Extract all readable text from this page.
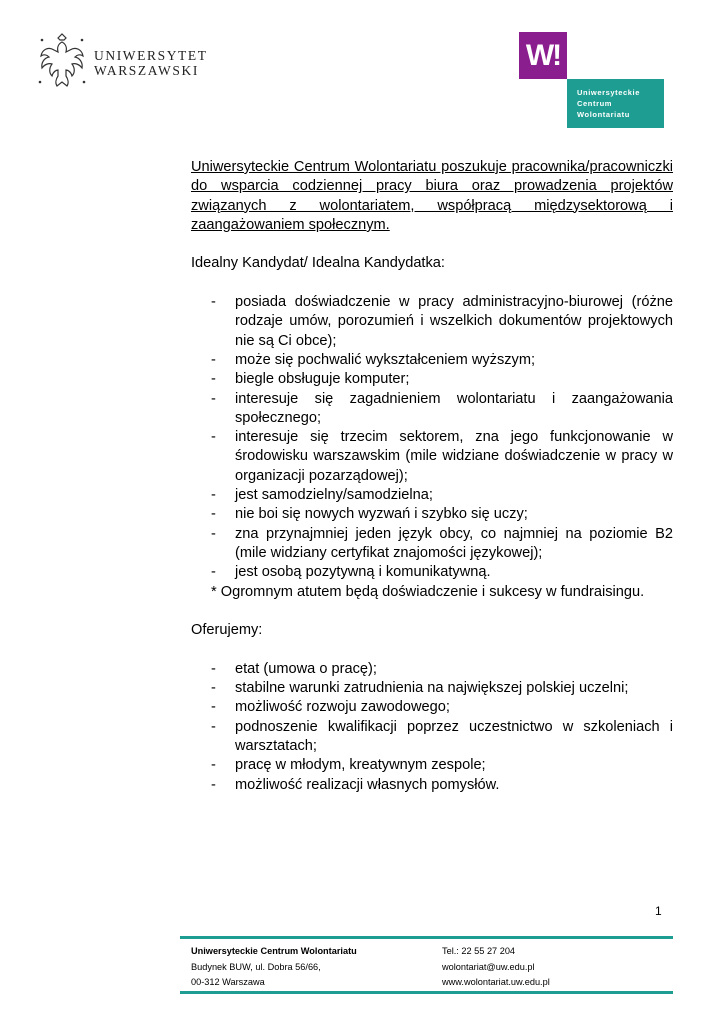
UNIWERSYTET
WARSZAWSKI	W!
Uniwersyteckie
Centrum
Wolontariatu

Uniwersyteckie Centrum Wolontariatu poszukuje pracownika/pracowniczki
do wsparcia codziennej pracy biura oraz prowadzenia projektów
związanych z wolontariatem, współpracą międzysektorową i
zaangażowaniem społecznym.

Idealny Kandydat/ Idealna Kandydatka:

- posiada doświadczenie w pracy administracyjno-biurowej (różne rodzaje umów, porozumień i wszelkich dokumentów projektowych nie są Ci obce);
- może się pochwalić wykształceniem wyższym;
- biegle obsługuje komputer;
- interesuje się zagadnieniem wolontariatu i zaangażowania społecznego;
- interesuje się trzecim sektorem, zna jego funkcjonowanie w środowisku warszawskim (mile widziane doświadczenie w pracy w organizacji pozarządowej);
- jest samodzielny/samodzielna;
- nie boi się nowych wyzwań i szybko się uczy;
- zna przynajmniej jeden język obcy, co najmniej na poziomie B2 (mile widziany certyfikat znajomości językowej);
- jest osobą pozytywną i komunikatywną.

* Ogromnym atutem będą doświadczenie i sukcesy w fundraisingu.

Oferujemy:

- etat (umowa o pracę);
- stabilne warunki zatrudnienia na największej polskiej uczelni;
- możliwość rozwoju zawodowego;
- podnoszenie kwalifikacji poprzez uczestnictwo w szkoleniach i warsztatach;
- pracę w młodym, kreatywnym zespole;
- możliwość realizacji własnych pomysłów.
1
Uniwersyteckie Centrum Wolontariatu
Budynek BUW, ul. Dobra 56/66,
00-312 Warszawa
Tel.: 22 55 27 204
wolontariat@uw.edu.pl
www.wolontariat.uw.edu.pl
